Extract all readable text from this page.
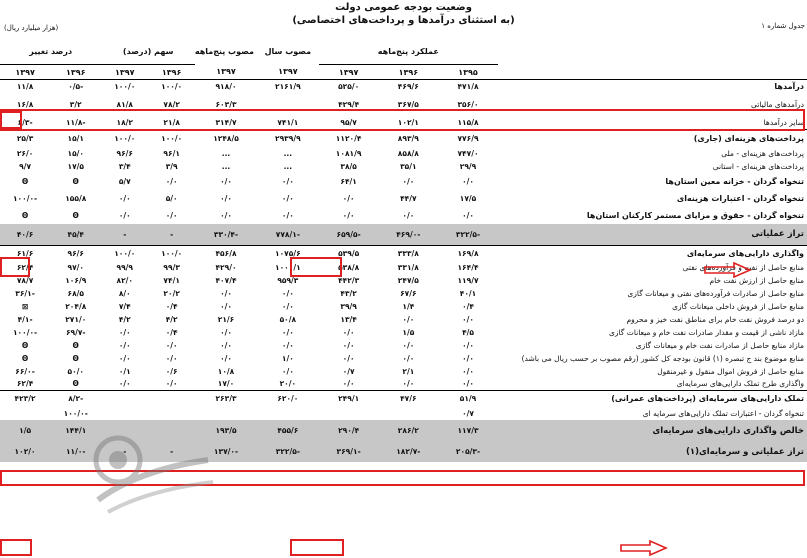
وضعیت بودجه عمومی دولت
(به استثنای درآمدها و پرداخت‌های اختصاصی)	جدول شماره ۱
(هزار میلیارد ریال)
	عملکرد پنج‌ماهه			مصوب سال	مصوب پنج‌ماهه	سهم (درصد)		درصد تغییر	
	۱۳۹۵	۱۳۹۶	۱۳۹۷	۱۳۹۷	۱۳۹۷	۱۳۹۶	۱۳۹۷	۱۳۹۶	۱۳۹۷
درآمدها	۴۷۱/۸	۴۶۹/۶	۵۲۵/۰	۲۱۶۱/۹	۹۱۸/۰	۱۰۰/۰	۱۰۰/۰	-۰/۵	۱۱/۸
درآمدهای مالیاتی	۳۵۶/۰	۳۶۷/۵	۴۲۹/۴		۶۰۳/۳	۷۸/۲	۸۱/۸	۳/۲	۱۶/۸
سایر درآمدها	۱۱۵/۸	۱۰۲/۱	۹۵/۷	۷۴۱/۱	۳۱۴/۷	۲۱/۸	۱۸/۲	-۱۱/۸	-۶/۳
پرداخت‌های هزینه‌ای (جاری)	۷۷۶/۹	۸۹۳/۹	۱۱۲۰/۴	۲۹۳۹/۹	۱۲۴۸/۵	۱۰۰/۰	۱۰۰/۰	۱۵/۱	۲۵/۳
پرداخت‌های هزینه‌ای - ملی	۷۴۷/۰	۸۵۸/۸	۱۰۸۱/۹	...	...	۹۶/۱	۹۶/۶	۱۵/۰	۲۶/۰
پرداخت‌های هزینه‌ای - استانی	۲۹/۹	۳۵/۱	۳۸/۵	...	...	۳/۹	۳/۴	۱۷/۵	۹/۷
تنخواه گردان - خزانه معین استان‌ها	۰/۰	۰/۰	۶۴/۱	۰/۰	۰/۰	۰/۰	۵/۷	Θ	Θ
تنخواه گردان - اعتبارات هزینه‌ای	۱۷/۵	۴۴/۷	۰/۰	۰/۰	۰/۰	۵/۰	۰/۰	۱۵۵/۸	-۱۰۰/۰
تنخواه گردان - حقوق و مزایای مستمر کارکنان استان‌ها	۰/۰	۰/۰	۰/۰	۰/۰	۰/۰	۰/۰	۰/۰	Θ	Θ
تراز عملیاتی	-۳۲۲/۵	-۴۶۹/۰	-۶۵۹/۵	-۷۷۸/۱	-۳۳۰/۴	-	-	۴۵/۴	۴۰/۶
واگذاری دارایی‌های سرمایه‌ای	۱۶۹/۸	۳۳۳/۸	۵۳۹/۵	۱۰۷۵/۶	۴۵۶/۸	۱۰۰/۰	۱۰۰/۰	۹۶/۶	۶۱/۶
منابع حاصل از نفت و فرآورده‌های نفتی	۱۶۴/۴	۳۳۱/۸	۵۳۸/۸	۱۰۰۱/۱	۴۲۹/۰	۹۹/۳	۹۹/۹	۹۷/۰	۶۲/۴
منابع حاصل از ارزش نفت خام	۱۱۹/۷	۲۴۷/۵	۴۴۲/۳	۹۵۹/۳	۴۰۷/۴	۷۴/۱	۸۲/۰	۱۰۶/۹	۷۸/۷
منابع حاصل از صادرات فرآورده‌های نفتی و میعانات گازی	۴۰/۱	۶۷/۶	۴۳/۲	۰/۰	۰/۰	۲۰/۲	۸/۰	۶۸/۵	-۳۶/۱
منابع حاصل از فروش داخلی میعانات گازی	۰/۴	۱/۴	۳۹/۹	۰/۰	۰/۰	۰/۴	۷/۴	۲۰۴/۸	⊠
دو درصد فروش نفت خام برای مناطق نفت خیز و محروم	۰/۰	۰/۰	۱۳/۴	۵۰/۸	۲۱/۶	۴/۲	۴/۲	۲۷۱/۰	-۴/۱
مازاد ناشی از قیمت و مقدار صادرات نفت خام و میعانات گازی	۴/۵	۱/۵	۰/۰	۰/۰	۰/۰	۰/۴	۰/۰	-۶۹/۷	-۱۰۰/۰
مازاد منابع حاصل از صادرات نفت خام و میعانات گازی	۰/۰	۰/۰	۰/۰	۰/۰	۰/۰	۰/۰	۰/۰	Θ	Θ
منابع موضوع بند ج تبصره (۱) قانون بودجه کل کشور (رقم مصوب بر حسب ریال می باشد)	۰/۰	۰/۰	۰/۰	۱/۰	۰/۰	۰/۰	۰/۰	Θ	Θ
منابع حاصل از فروش اموال منقول و غیرمنقول	۰/۰	۲/۱	۰/۷	۰/۰	۱۰/۸	۰/۶	۰/۱	۵۰/۰	-۶۶/۰
واگذاری طرح تملک دارایی‌های سرمایه‌ای	۰/۰	۰/۰	۰/۰	۲۰/۰	۱۷/۰	۰/۰	۰/۰	Θ	۶۲/۴
تملک دارایی‌های سرمایه‌ای (پرداخت‌های عمرانی)	۵۱/۹	۴۷/۶	۲۴۹/۱	۶۲۰/۰	۲۶۳/۳			-۸/۲	۴۲۳/۲
تنخواه گردان - اعتبارات تملک دارایی‌های سرمایه ای	۰/۷							-۱۰۰/۰	
خالص واگذاری دارایی‌های سرمایه‌ای	۱۱۷/۳	۲۸۶/۲	۲۹۰/۴	۴۵۵/۶	۱۹۳/۵			۱۴۴/۱	۱/۵
تراز عملیاتی و سرمایه‌ای(۱)	-۲۰۵/۳	-۱۸۲/۷	-۳۶۹/۱	-۳۲۲/۵	-۱۳۷/۰	-	-	-۱۱/۰	۱۰۲/۰
